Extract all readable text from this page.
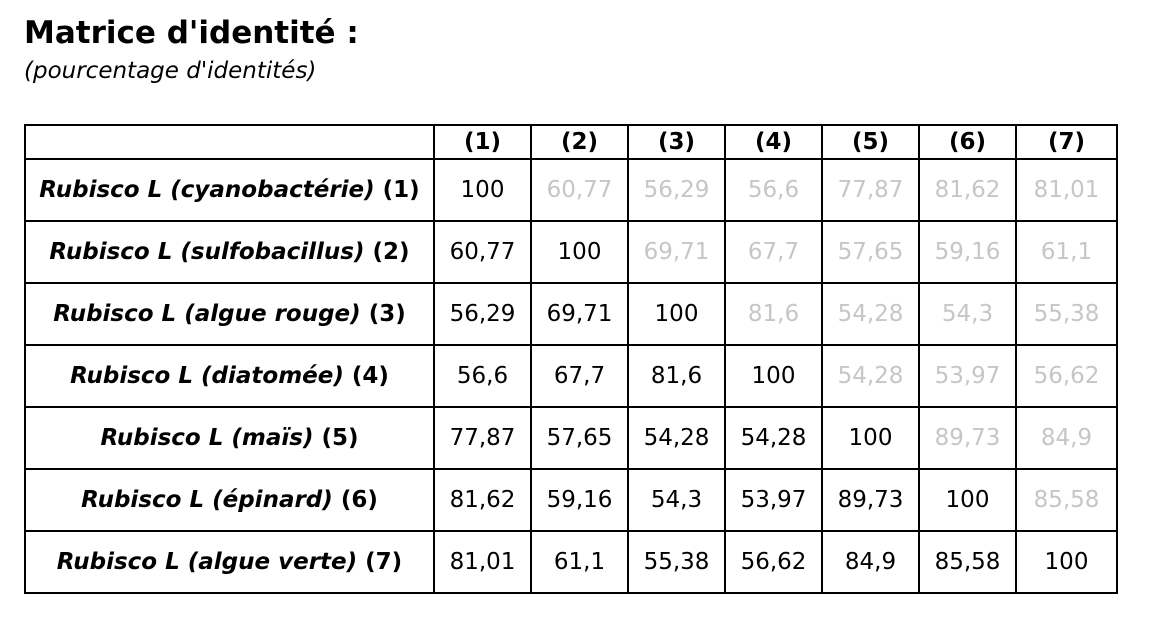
Matrice d'identité :
(pourcentage d'identités)
	(1)	(2)	(3)	(4)	(5)	(6)	(7)
Rubisco L (cyanobactérie) (1)	100	60,77	56,29	56,6	77,87	81,62	81,01
Rubisco L (sulfobacillus) (2)	60,77	100	69,71	67,7	57,65	59,16	61,1
Rubisco L (algue rouge) (3)	56,29	69,71	100	81,6	54,28	54,3	55,38
Rubisco L (diatomée) (4)	56,6	67,7	81,6	100	54,28	53,97	56,62
Rubisco L (maïs) (5)	77,87	57,65	54,28	54,28	100	89,73	84,9
Rubisco L (épinard) (6)	81,62	59,16	54,3	53,97	89,73	100	85,58
Rubisco L (algue verte) (7)	81,01	61,1	55,38	56,62	84,9	85,58	100
